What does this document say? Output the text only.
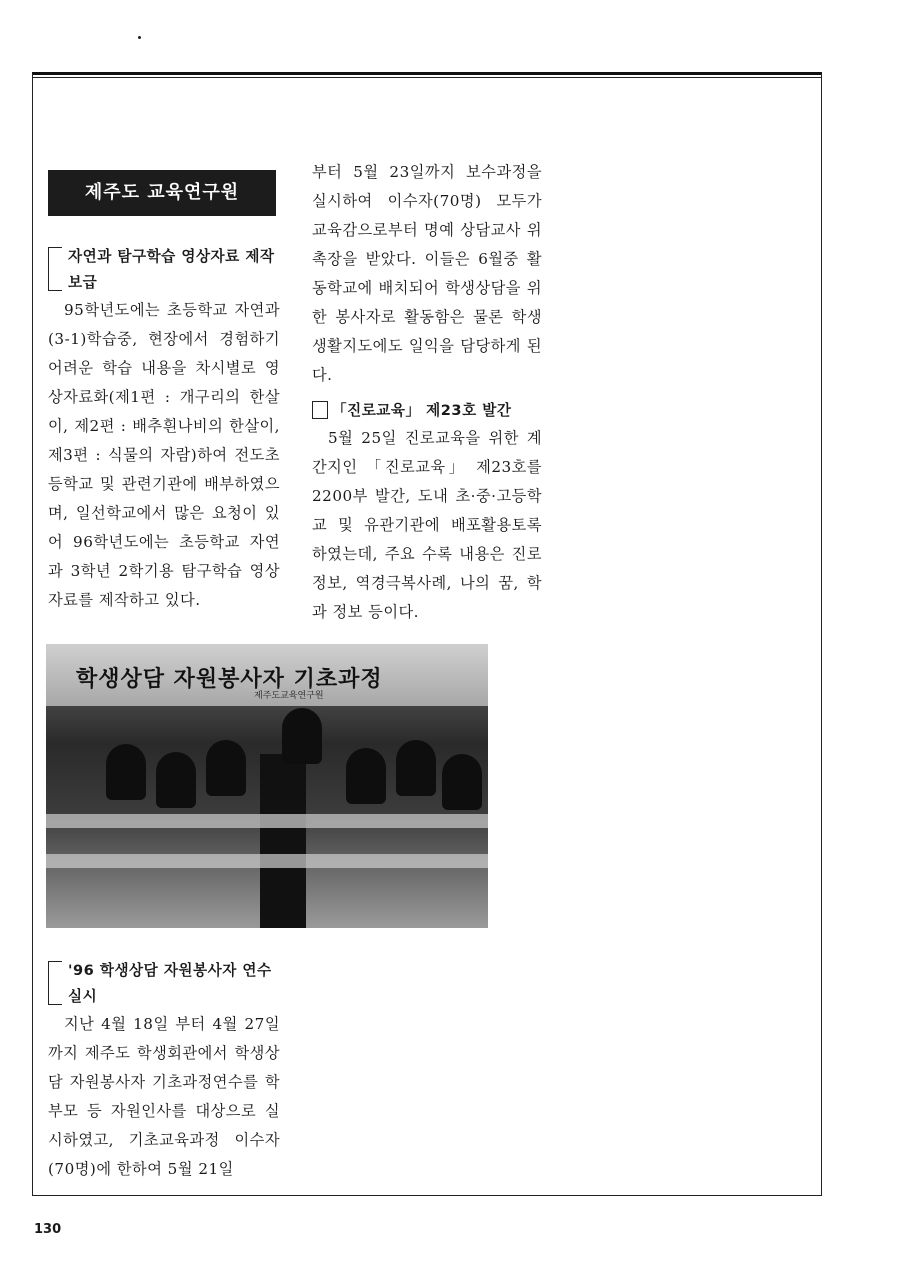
제주도 교육연구원
자연과 탐구학습 영상자료 제작
보급
95학년도에는 초등학교 자연과(3-1)학습중, 현장에서 경험하기 어려운 학습 내용을 차시별로 영상자료화(제1편 : 개구리의 한살이, 제2편 : 배추흰나비의 한살이, 제3편 : 식물의 자람)하여 전도초등학교 및 관련기관에 배부하였으며, 일선학교에서 많은 요청이 있어 96학년도에는 초등학교 자연과 3학년 2학기용 탐구학습 영상자료를 제작하고 있다.
부터 5월 23일까지 보수과정을 실시하여 이수자(70명) 모두가 교육감으로부터 명예 상담교사 위촉장을 받았다. 이들은 6월중 활동학교에 배치되어 학생상담을 위한 봉사자로 활동함은 물론 학생생활지도에도 일익을 담당하게 된다.
「진로교육」 제23호 발간
5월 25일 진로교육을 위한 계간지인 「진로교육」 제23호를 2200부 발간, 도내 초·중·고등학교 및 유관기관에 배포활용토록 하였는데, 주요 수록 내용은 진로정보, 역경극복사례, 나의 꿈, 학과 정보 등이다.
학생상담 자원봉사자 기초과정
제주도교육연구원
'96 학생상담 자원봉사자 연수
실시
지난 4월 18일 부터 4월 27일까지 제주도 학생회관에서 학생상담 자원봉사자 기초과정연수를 학부모 등 자원인사를 대상으로 실시하였고, 기초교육과정 이수자(70명)에 한하여 5월 21일
130
